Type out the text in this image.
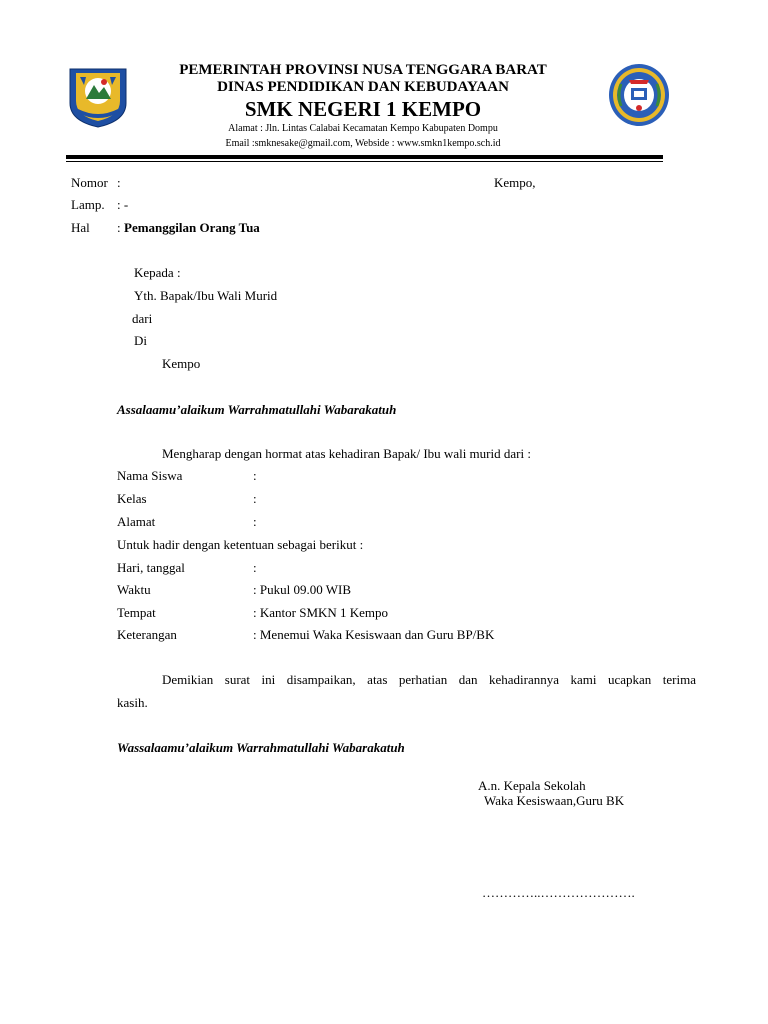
PEMERINTAH PROVINSI NUSA TENGGARA BARAT
DINAS PENDIDIKAN DAN KEBUDAYAAN
SMK NEGERI 1 KEMPO
Alamat : Jln. Lintas Calabai Kecamatan Kempo Kabupaten Dompu
Email :smknesake@gmail.com, Webside : www.smkn1kempo.sch.id
Nomor :	Kempo,
Lamp. : -
Hal : Pemanggilan Orang Tua
Kepada :
Yth. Bapak/Ibu Wali Murid
dari
Di
Kempo
Assalaamu’alaikum Warrahmatullahi Wabarakatuh
Mengharap dengan hormat atas kehadiran Bapak/ Ibu wali murid dari :
Nama Siswa	:
Kelas	:
Alamat	:
Untuk hadir dengan ketentuan sebagai berikut :
Hari, tanggal	:
Waktu	: Pukul 09.00 WIB
Tempat	: Kantor SMKN 1 Kempo
Keterangan	: Menemui Waka Kesiswaan dan Guru BP/BK
Demikian surat ini disampaikan, atas perhatian dan kehadirannya kami ucapkan terima
kasih.
Wassalaamu’alaikum Warrahmatullahi Wabarakatuh
A.n. Kepala Sekolah
Waka Kesiswaan,Guru BK
…………..………………….
